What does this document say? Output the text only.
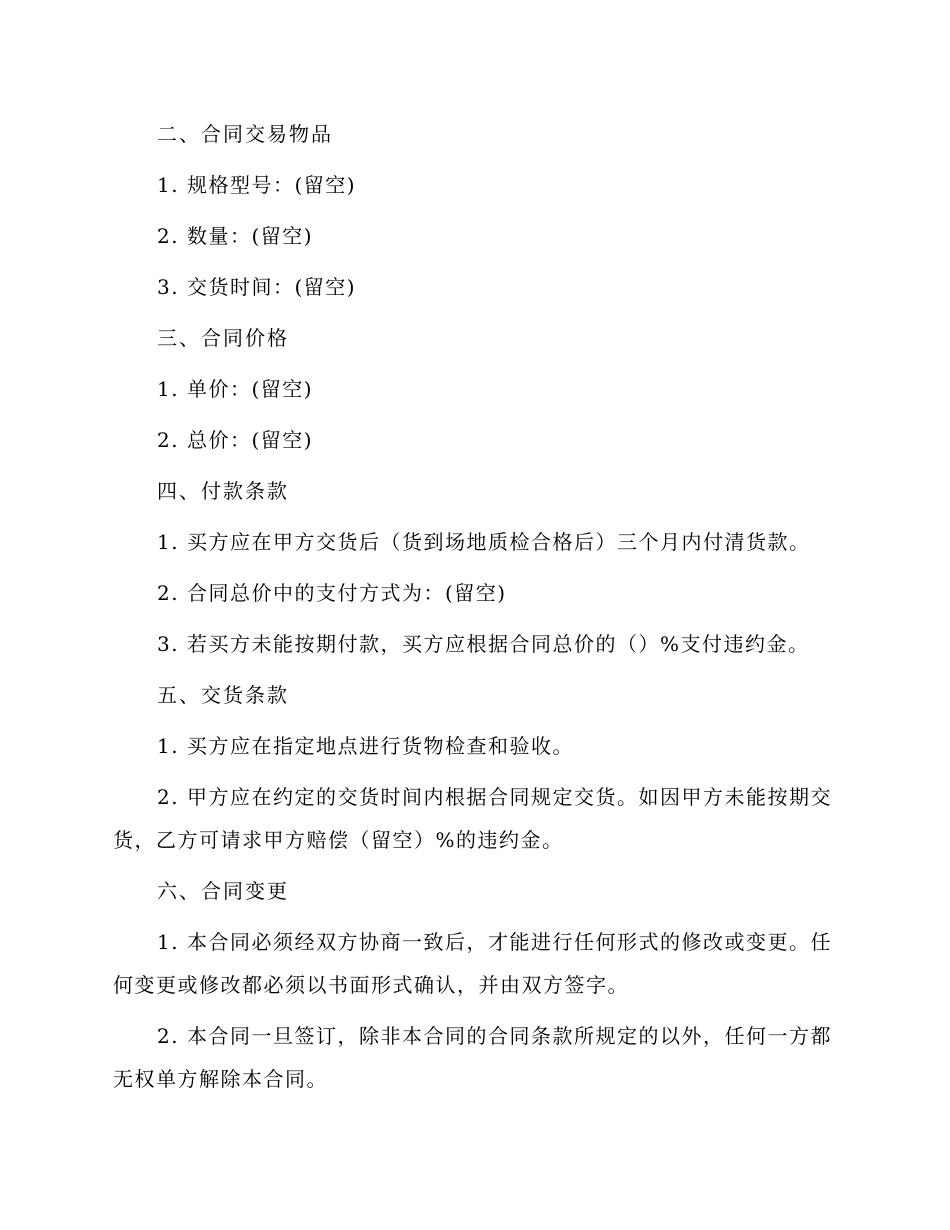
二、合同交易物品

1. 规格型号：(留空)

2. 数量：(留空)

3. 交货时间：(留空)

三、合同价格

1. 单价：(留空)

2. 总价：(留空)

四、付款条款

1. 买方应在甲方交货后（货到场地质检合格后）三个月内付清货款。

2. 合同总价中的支付方式为：(留空)

3. 若买方未能按期付款，买方应根据合同总价的（）%支付违约金。

五、交货条款

1. 买方应在指定地点进行货物检查和验收。

2. 甲方应在约定的交货时间内根据合同规定交货。如因甲方未能按期交货，乙方可请求甲方赔偿（留空）%的违约金。

六、合同变更

1. 本合同必须经双方协商一致后，才能进行任何形式的修改或变更。任何变更或修改都必须以书面形式确认，并由双方签字。

2. 本合同一旦签订，除非本合同的合同条款所规定的以外，任何一方都无权单方解除本合同。
